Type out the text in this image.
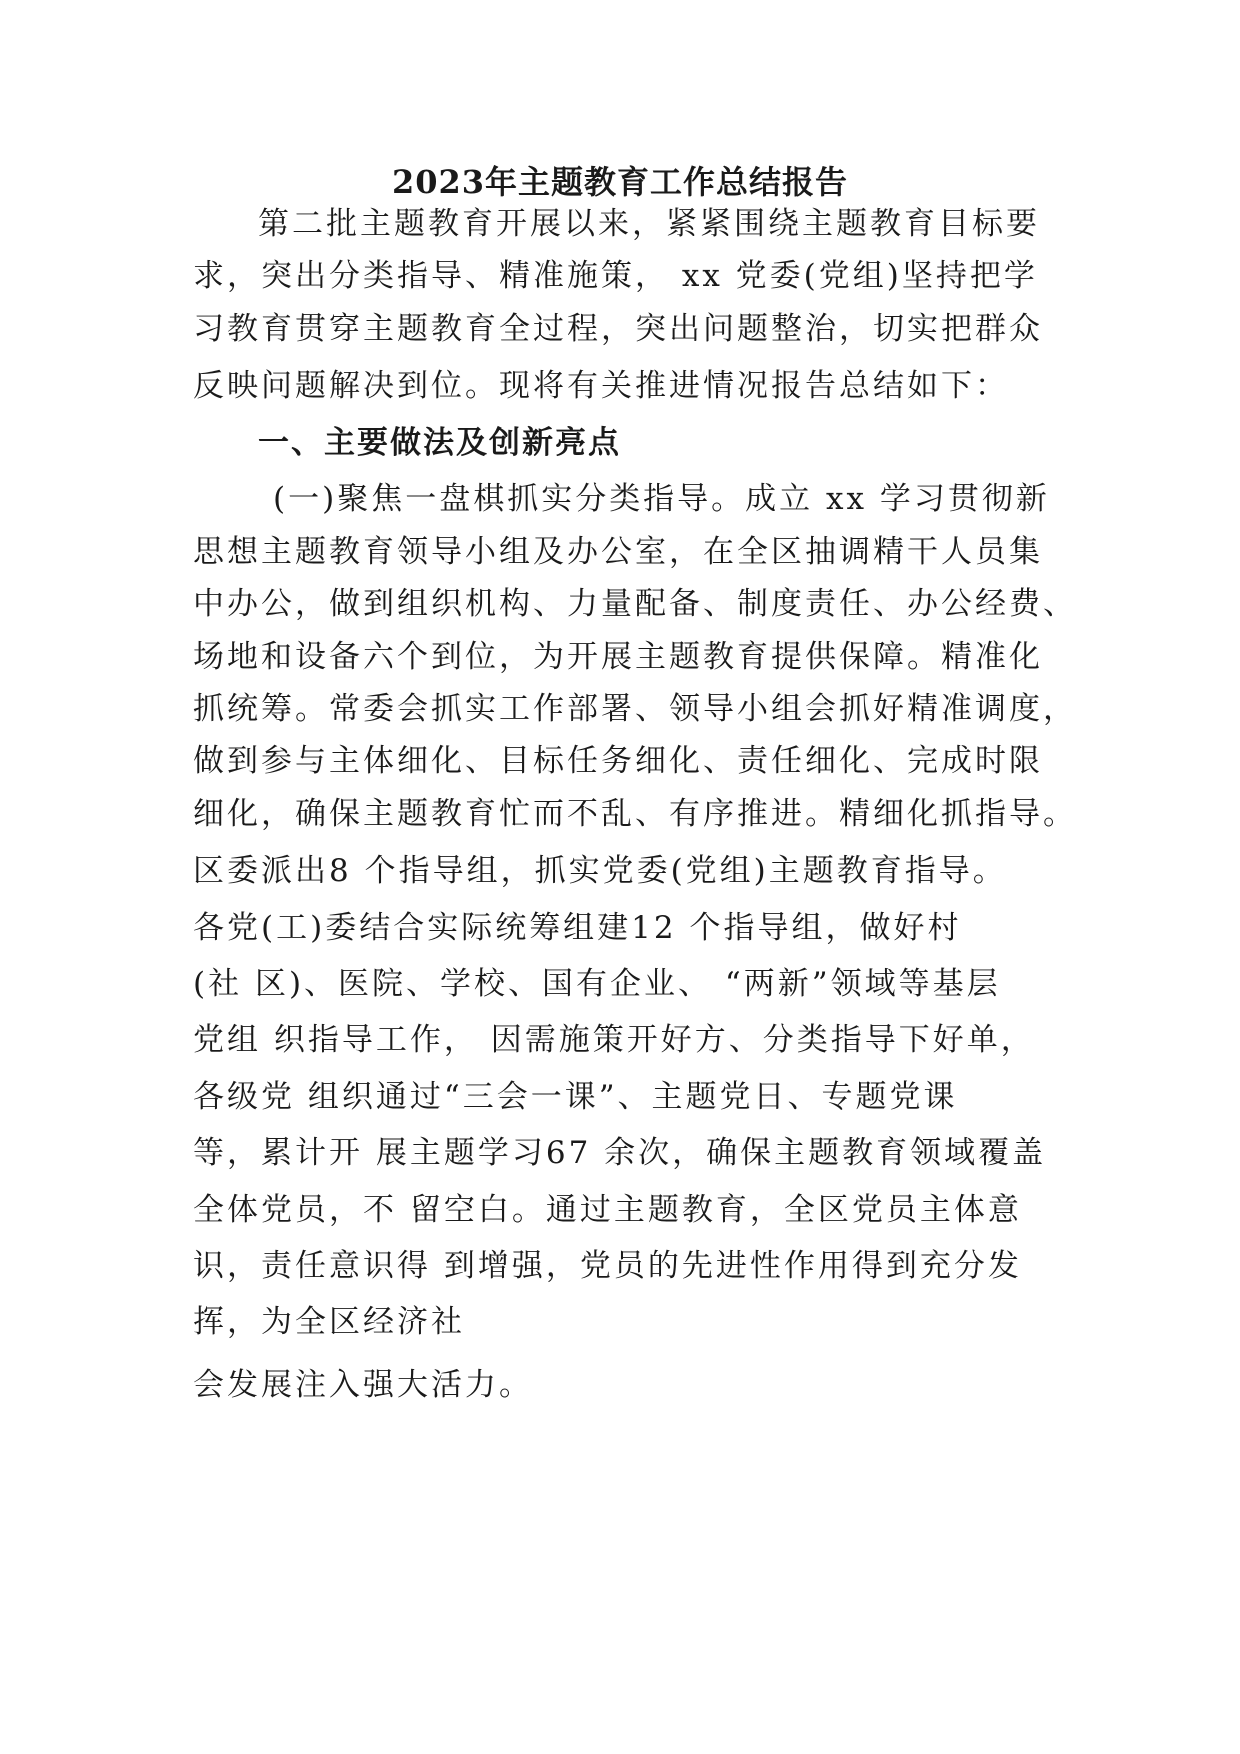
2023年主题教育工作总结报告
第二批主题教育开展以来，紧紧围绕主题教育目标要
求，突出分类指导、精准施策， xx 党委(党组)坚持把学
习教育贯穿主题教育全过程，突出问题整治，切实把群众
反映问题解决到位。现将有关推进情况报告总结如下：
一、主要做法及创新亮点
(一)聚焦一盘棋抓实分类指导。成立 xx 学习贯彻新
思想主题教育领导小组及办公室，在全区抽调精干人员集
中办公，做到组织机构、力量配备、制度责任、办公经费、
场地和设备六个到位，为开展主题教育提供保障。精准化
抓统筹。常委会抓实工作部署、领导小组会抓好精准调度，
做到参与主体细化、目标任务细化、责任细化、完成时限
细化，确保主题教育忙而不乱、有序推进。精细化抓指导。
区委派出8 个指导组，抓实党委(党组)主题教育指导。
各党(工)委结合实际统筹组建12 个指导组，做好村
(社 区)、医院、学校、国有企业、 “两新”领域等基层
党组 织指导工作， 因需施策开好方、分类指导下好单，
各级党 组织通过“三会一课”、主题党日、专题党课
等，累计开 展主题学习67 余次，确保主题教育领域覆盖
全体党员，不 留空白。通过主题教育，全区党员主体意
识，责任意识得 到增强，党员的先进性作用得到充分发
挥，为全区经济社
会发展注入强大活力。
